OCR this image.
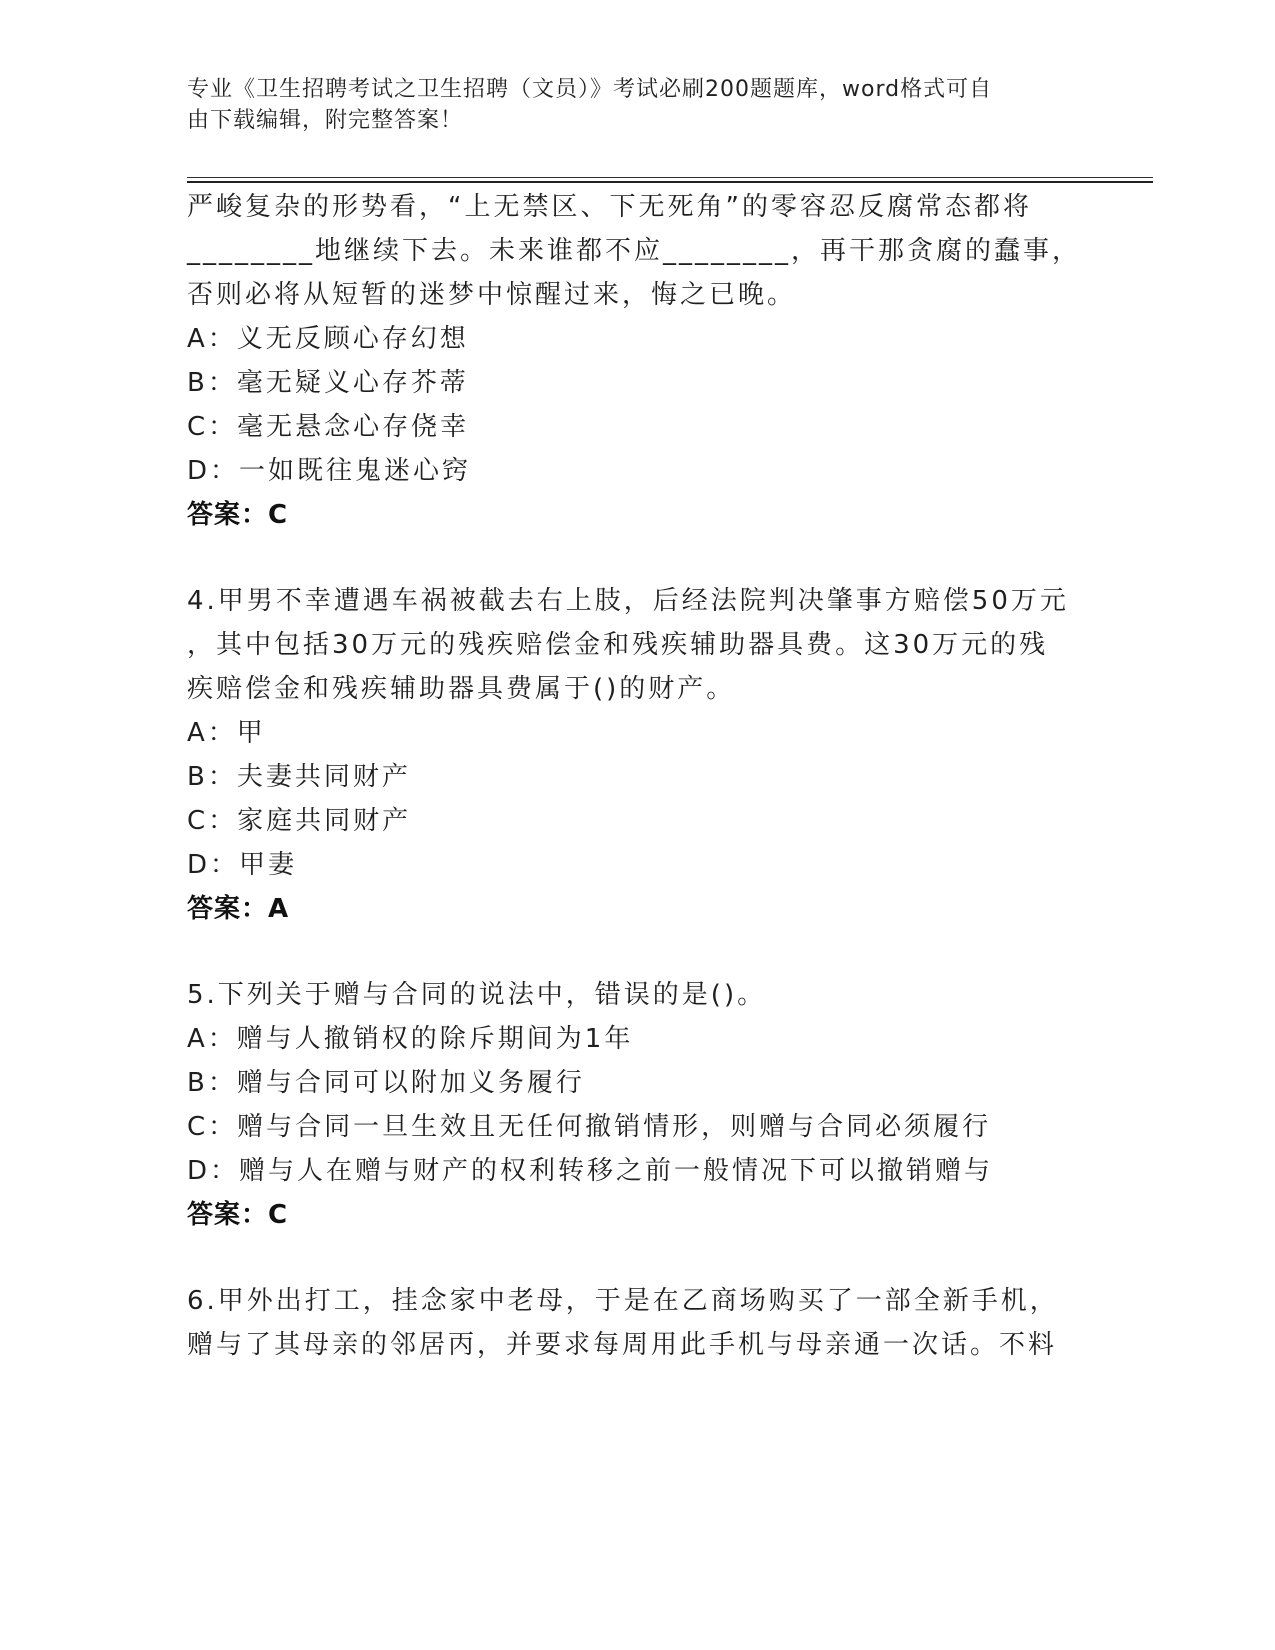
专业《卫生招聘考试之卫生招聘（文员）》考试必刷200题题库，word格式可自
由下载编辑，附完整答案！
严峻复杂的形势看，“上无禁区、下无死角”的零容忍反腐常态都将
________地继续下去。未来谁都不应________，再干那贪腐的蠢事，
否则必将从短暂的迷梦中惊醒过来，悔之已晚。
A：义无反顾心存幻想
B：毫无疑义心存芥蒂
C：毫无悬念心存侥幸
D：一如既往鬼迷心窍
答案：C
4.甲男不幸遭遇车祸被截去右上肢，后经法院判决肇事方赔偿50万元
，其中包括30万元的残疾赔偿金和残疾辅助器具费。这30万元的残
疾赔偿金和残疾辅助器具费属于()的财产。
A：甲
B：夫妻共同财产
C：家庭共同财产
D：甲妻
答案：A
5.下列关于赠与合同的说法中，错误的是()。
A：赠与人撤销权的除斥期间为1年
B：赠与合同可以附加义务履行
C：赠与合同一旦生效且无任何撤销情形，则赠与合同必须履行
D：赠与人在赠与财产的权利转移之前一般情况下可以撤销赠与
答案：C
6.甲外出打工，挂念家中老母，于是在乙商场购买了一部全新手机，
赠与了其母亲的邻居丙，并要求每周用此手机与母亲通一次话。不料
